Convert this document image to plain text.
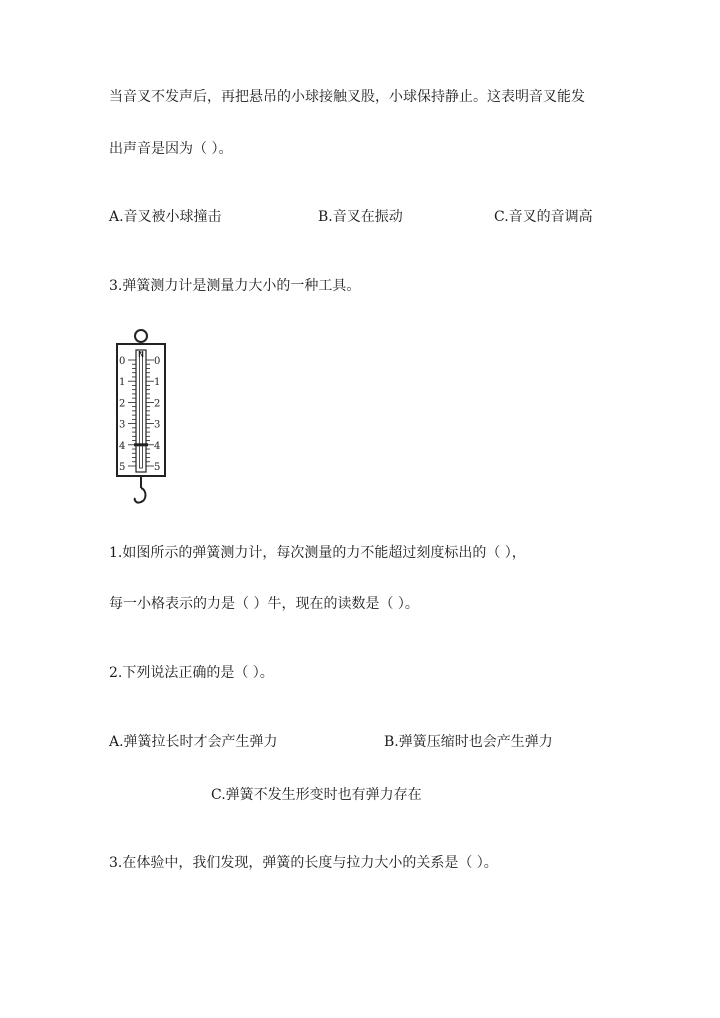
当音叉不发声后，再把悬吊的小球接触叉股，小球保持静止。这表明音叉能发
出声音是因为（ ）。
A.音叉被小球撞击	B.音叉在振动	C.音叉的音调高
3.弹簧测力计是测量力大小的一种工具。
N
0
1
2
3
4
5
0
1
2
3
4
5
1.如图所示的弹簧测力计，每次测量的力不能超过刻度标出的（ ），
每一小格表示的力是（ ）牛，现在的读数是（ ）。
2.下列说法正确的是（ ）。
A.弹簧拉长时才会产生弹力	B.弹簧压缩时也会产生弹力
C.弹簧不发生形变时也有弹力存在
3.在体验中，我们发现，弹簧的长度与拉力大小的关系是（ ）。
